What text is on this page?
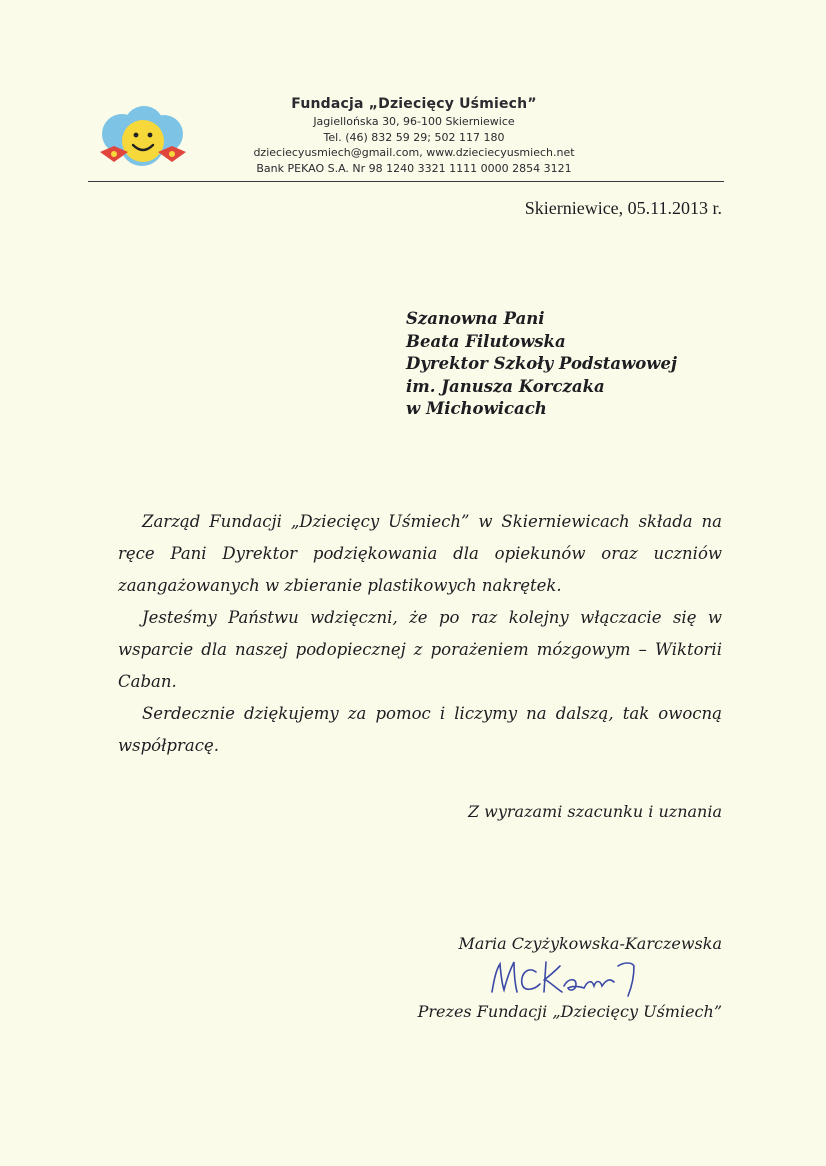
Fundacja „Dziecięcy Uśmiech”
Jagiellońska 30, 96-100 Skierniewice
Tel. (46) 832 59 29; 502 117 180
dzieciecyusmiech@gmail.com, www.dzieciecyusmiech.net
Bank PEKAO S.A. Nr 98 1240 3321 1111 0000 2854 3121
Skierniewice, 05.11.2013 r.
Szanowna Pani
Beata Filutowska
Dyrektor Szkoły Podstawowej
im. Janusza Korczaka
w Michowicach

Zarząd Fundacji „Dziecięcy Uśmiech” w Skierniewicach składa na ręce Pani Dyrektor podziękowania dla opiekunów oraz uczniów zaangażowanych w zbieranie plastikowych nakrętek.

Jesteśmy Państwu wdzięczni, że po raz kolejny włączacie się w wsparcie dla naszej podopiecznej z porażeniem mózgowym – Wiktorii Caban.

Serdecznie dziękujemy za pomoc i liczymy na dalszą, tak owocną współpracę.

Z wyrazami szacunku i uznania
Maria Czyżykowska-Karczewska
Prezes Fundacji „Dziecięcy Uśmiech”
